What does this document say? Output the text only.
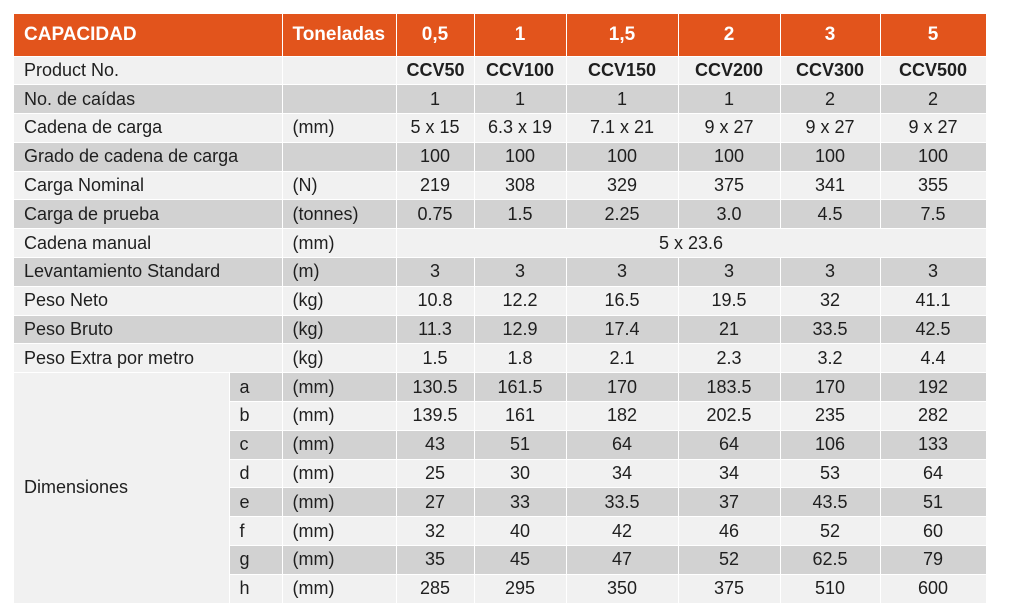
CAPACIDAD		Toneladas	0,5	1	1,5	2	3	5
Product No.			CCV50	CCV100	CCV150	CCV200	CCV300	CCV500
No. de caídas			1	1	1	1	2	2
Cadena de carga		(mm)	5 x 15	6.3 x 19	7.1 x 21	9 x 27	9 x 27	9 x 27
Grado de cadena de carga			100	100	100	100	100	100
Carga Nominal		(N)	219	308	329	375	341	355
Carga de prueba		(tonnes)	0.75	1.5	2.25	3.0	4.5	7.5
Cadena manual		(mm)	5 x 23.6					
Levantamiento Standard		(m)	3	3	3	3	3	3
Peso Neto		(kg)	10.8	12.2	16.5	19.5	32	41.1
Peso Bruto		(kg)	11.3	12.9	17.4	21	33.5	42.5
Peso Extra por metro		(kg)	1.5	1.8	2.1	2.3	3.2	4.4
Dimensiones	a	(mm)	130.5	161.5	170	183.5	170	192
	b	(mm)	139.5	161	182	202.5	235	282
	c	(mm)	43	51	64	64	106	133
	d	(mm)	25	30	34	34	53	64
	e	(mm)	27	33	33.5	37	43.5	51
	f	(mm)	32	40	42	46	52	60
	g	(mm)	35	45	47	52	62.5	79
	h	(mm)	285	295	350	375	510	600
